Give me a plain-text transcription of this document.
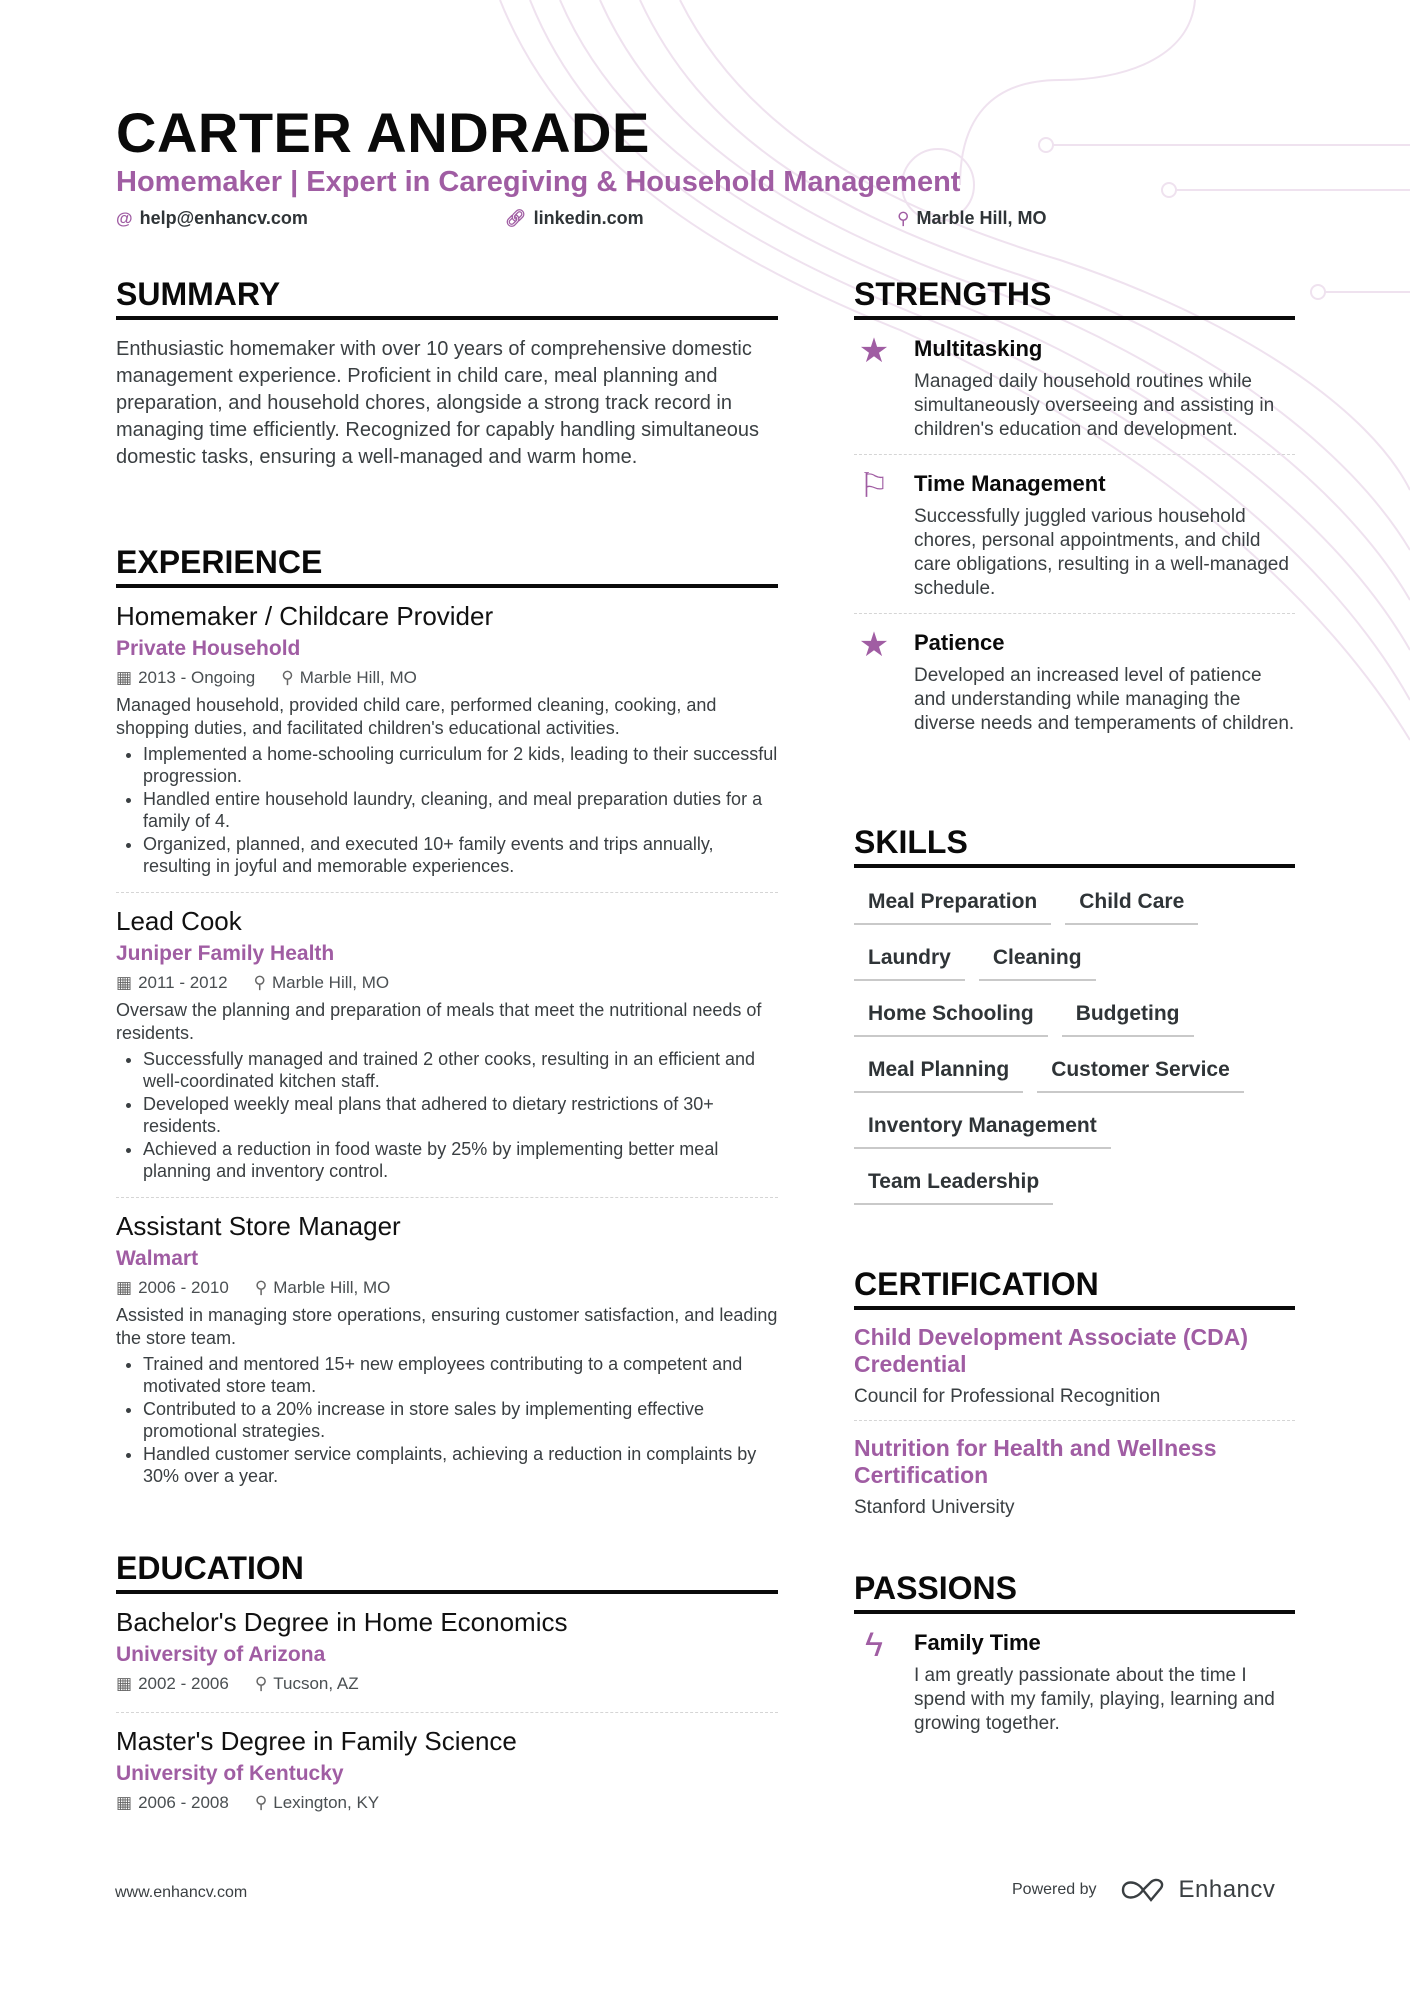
CARTER ANDRADE
Homemaker | Expert in Caregiving & Household Management
@ help@enhancv.com	🔗︎ linkedin.com	⚲ Marble Hill, MO
SUMMARY
Enthusiastic homemaker with over 10 years of comprehensive domestic management experience. Proficient in child care, meal planning and preparation, and household chores, alongside a strong track record in managing time efficiently. Recognized for capably handling simultaneous domestic tasks, ensuring a well-managed and warm home.
EXPERIENCE
Homemaker / Childcare Provider
Private Household
▦ 2013 - Ongoing ⚲ Marble Hill, MO
Managed household, provided child care, performed cleaning, cooking, and shopping duties, and facilitated children's educational activities.
• Implemented a home-schooling curriculum for 2 kids, leading to their successful progression.
• Handled entire household laundry, cleaning, and meal preparation duties for a family of 4.
• Organized, planned, and executed 10+ family events and trips annually, resulting in joyful and memorable experiences.
Lead Cook
Juniper Family Health
▦ 2011 - 2012 ⚲ Marble Hill, MO
Oversaw the planning and preparation of meals that meet the nutritional needs of residents.
• Successfully managed and trained 2 other cooks, resulting in an efficient and well-coordinated kitchen staff.
• Developed weekly meal plans that adhered to dietary restrictions of 30+ residents.
• Achieved a reduction in food waste by 25% by implementing better meal planning and inventory control.
Assistant Store Manager
Walmart
▦ 2006 - 2010 ⚲ Marble Hill, MO
Assisted in managing store operations, ensuring customer satisfaction, and leading the store team.
• Trained and mentored 15+ new employees contributing to a competent and motivated store team.
• Contributed to a 20% increase in store sales by implementing effective promotional strategies.
• Handled customer service complaints, achieving a reduction in complaints by 30% over a year.
EDUCATION
Bachelor's Degree in Home Economics
University of Arizona
▦ 2002 - 2006 ⚲ Tucson, AZ
Master's Degree in Family Science
University of Kentucky
▦ 2006 - 2008 ⚲ Lexington, KY
STRENGTHS
★ Multitasking
Managed daily household routines while simultaneously overseeing and assisting in children's education and development.
⚐ Time Management
Successfully juggled various household chores, personal appointments, and child care obligations, resulting in a well-managed schedule.
★ Patience
Developed an increased level of patience and understanding while managing the diverse needs and temperaments of children.
SKILLS
Meal Preparation	Child Care
Laundry	Cleaning
Home Schooling	Budgeting
Meal Planning	Customer Service
Inventory Management
Team Leadership
CERTIFICATION
Child Development Associate (CDA) Credential
Council for Professional Recognition
Nutrition for Health and Wellness Certification
Stanford University
PASSIONS
ϟ	Family Time
I am greatly passionate about the time I spend with my family, playing, learning and growing together.
www.enhancv.com	Powered by	Enhancv
